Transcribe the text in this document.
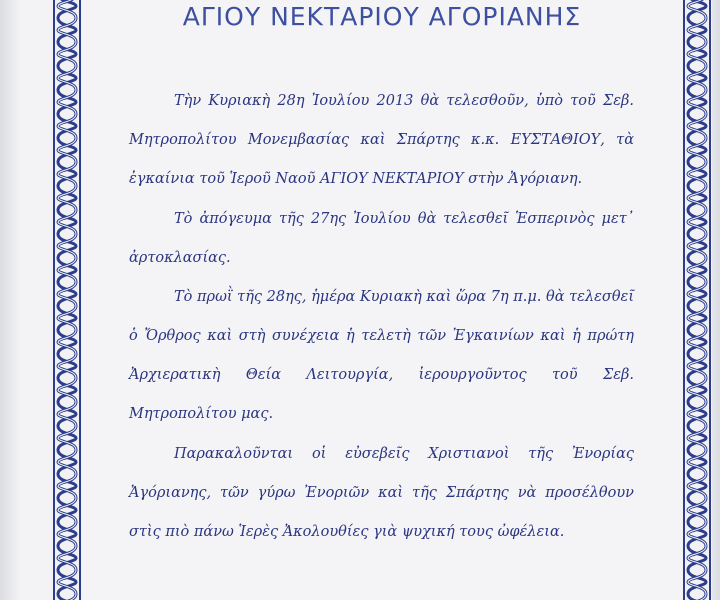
ΑΓΙΟΥ ΝΕΚΤΑΡΙΟΥ ΑΓΟΡΙΑΝΗΣ

Τὴν Κυριακὴ 28η Ἰουλίου 2013 θὰ τελεσθοῦν, ὑπὸ τοῦ Σεβ. Μητροπολίτου Μονεμβασίας καὶ Σπάρτης κ.κ. ΕΥΣΤΑΘΙΟΥ, τὰ ἐγκαίνια τοῦ Ἱεροῦ Ναοῦ ΑΓΙΟΥ ΝΕΚΤΑΡΙΟΥ στὴν Ἀγόριανη.

Τὸ ἀπόγευμα τῆς 27ης Ἰουλίου θὰ τελεσθεῖ Ἑσπερινὸς μετ᾽ ἀρτοκλασίας.

Τὸ πρωῒ τῆς 28ης, ἡμέρα Κυριακὴ καὶ ὥρα 7η π.μ. θὰ τελεσθεῖ ὁ Ὄρθρος καὶ στὴ συνέχεια ἡ τελετὴ τῶν Ἐγκαινίων καὶ ἡ πρώτη Ἀρχιερατικὴ Θεία Λειτουργία, ἱερουργοῦντος τοῦ Σεβ. Μητροπολίτου μας.

Παρακαλοῦνται οἱ εὐσεβεῖς Χριστιανοὶ τῆς Ἐνορίας Ἀγόριανης, τῶν γύρω Ἐνοριῶν καὶ τῆς Σπάρτης νὰ προσέλθουν στὶς πιὸ πάνω Ἱερὲς Ἀκολουθίες γιὰ ψυχική τους ὠφέλεια.
